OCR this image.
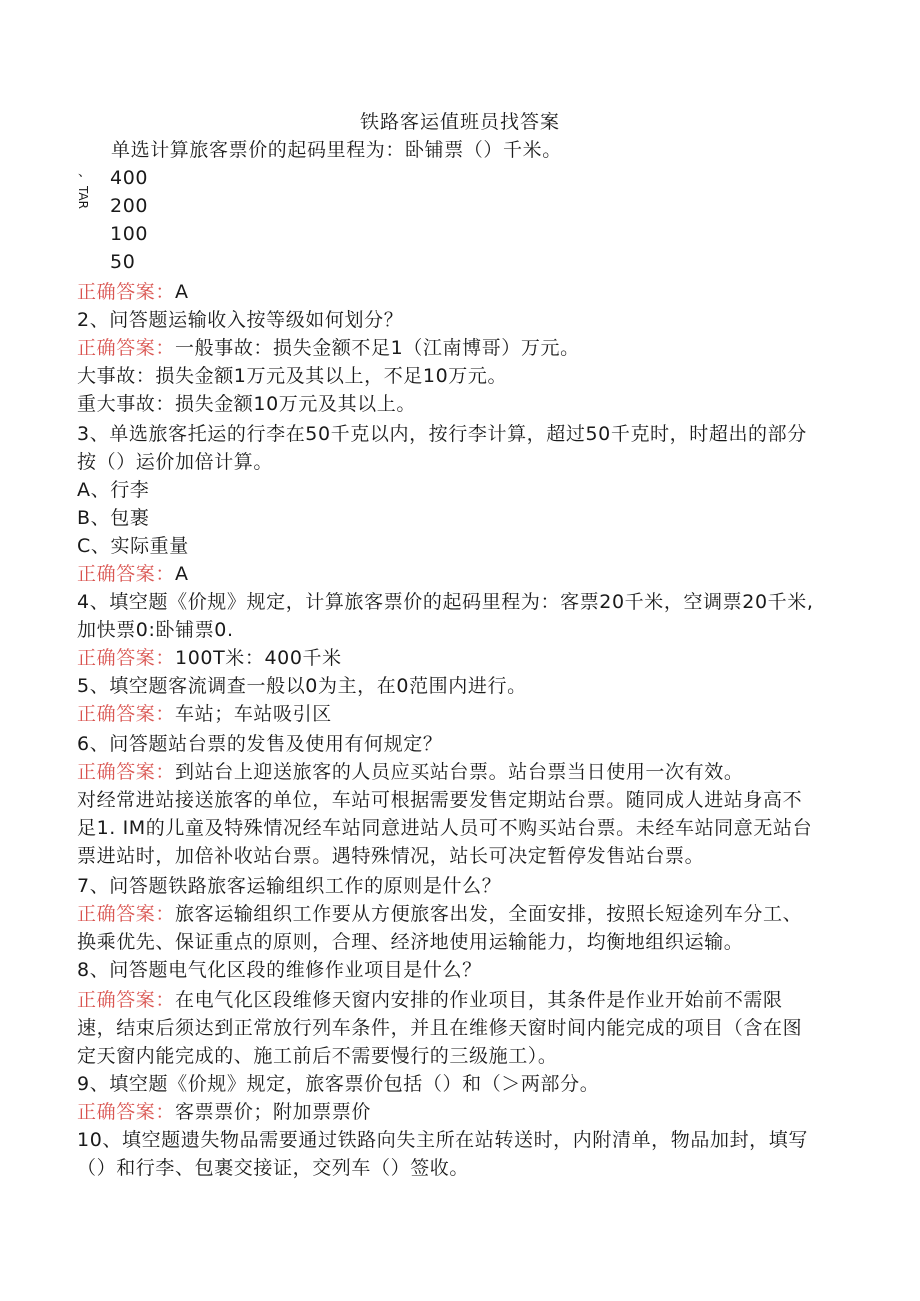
铁路客运值班员找答案
单选计算旅客票价的起码里程为：卧铺票（）千米。
、
TAR
400
200
100
50
正确答案：A
2、问答题运输收入按等级如何划分？
正确答案：一般事故：损失金额不足1（江南博哥）万元。
大事故：损失金额1万元及其以上，不足10万元。
重大事故：损失金额10万元及其以上。
3、单选旅客托运的行李在50千克以内，按行李计算，超过50千克时，时超出的部分
按（）运价加倍计算。
A、行李
B、包裹
C、实际重量
正确答案：A
4、填空题《价规》规定，计算旅客票价的起码里程为：客票20千米，空调票20千米,
加快票0:卧铺票0.
正确答案：100T米：400千米
5、填空题客流调查一般以0为主，在0范围内进行。
正确答案：车站；车站吸引区
6、问答题站台票的发售及使用有何规定？
正确答案：到站台上迎送旅客的人员应买站台票。站台票当日使用一次有效。
对经常进站接送旅客的单位，车站可根据需要发售定期站台票。随同成人进站身高不
足1. IM的儿童及特殊情况经车站同意进站人员可不购买站台票。未经车站同意无站台
票进站时，加倍补收站台票。遇特殊情况，站长可决定暂停发售站台票。
7、问答题铁路旅客运输组织工作的原则是什么？
正确答案：旅客运输组织工作要从方便旅客出发，全面安排，按照长短途列车分工、
换乘优先、保证重点的原则，合理、经济地使用运输能力，均衡地组织运输。
8、问答题电气化区段的维修作业项目是什么？
正确答案：在电气化区段维修天窗内安排的作业项目，其条件是作业开始前不需限
速，结束后须达到正常放行列车条件，并且在维修天窗时间内能完成的项目（含在图
定天窗内能完成的、施工前后不需要慢行的三级施工）。
9、填空题《价规》规定，旅客票价包括（）和（＞两部分。
正确答案：客票票价；附加票票价
10、填空题遗失物品需要通过铁路向失主所在站转送时，内附清单，物品加封，填写
（）和行李、包裹交接证，交列车（）签收。
